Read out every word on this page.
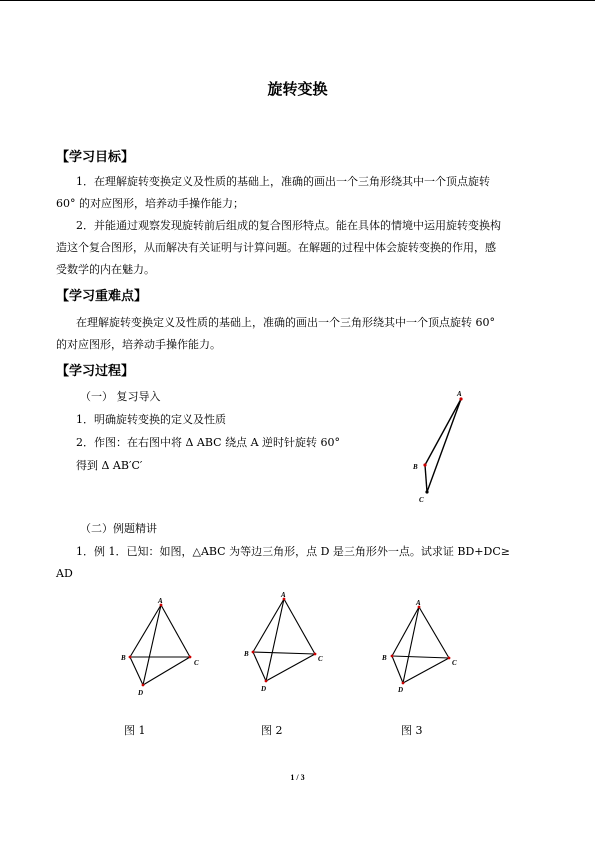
旋转变换
【学习目标】
1．在理解旋转变换定义及性质的基础上，准确的画出一个三角形绕其中一个顶点旋转
60° 的对应图形，培养动手操作能力；
2．并能通过观察发现旋转前后组成的复合图形特点。能在具体的情境中运用旋转变换构
造这个复合图形，从而解决有关证明与计算问题。在解题的过程中体会旋转变换的作用，感
受数学的内在魅力。
【学习重难点】
在理解旋转变换定义及性质的基础上，准确的画出一个三角形绕其中一个顶点旋转 60°
的对应图形，培养动手操作能力。
【学习过程】
（一） 复习导入
1．明确旋转变换的定义及性质
2．作图：在右图中将 Δ ABC 绕点 A 逆时针旋转 60°
得到 Δ AB′C′
A
B
C
（二）例题精讲
1．例 1．已知：如图，△ABC 为等边三角形，点 D 是三角形外一点。试求证 BD+DC≥
AD
A
B
C
D
A
B
C
D
A
B
C
D
图 1	图 2	图 3
1 / 3
